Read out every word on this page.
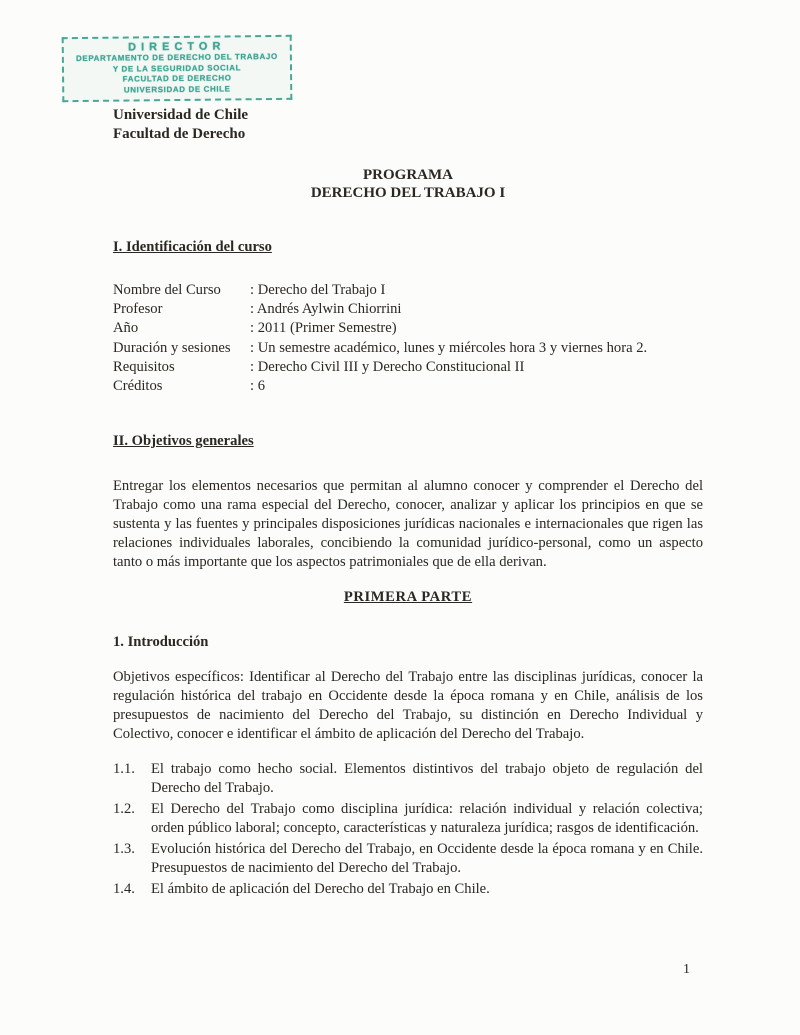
DIRECTOR
DEPARTAMENTO DE DERECHO DEL TRABAJO
Y DE LA SEGURIDAD SOCIAL
FACULTAD DE DERECHO
UNIVERSIDAD DE CHILE
Universidad de Chile
Facultad de Derecho
PROGRAMA
DERECHO DEL TRABAJO I
I. Identificación del curso
Nombre del Curso	: Derecho del Trabajo I
Profesor	: Andrés Aylwin Chiorrini
Año	: 2011 (Primer Semestre)
Duración y sesiones	: Un semestre académico, lunes y miércoles hora 3 y viernes hora 2.
Requisitos	: Derecho Civil III y Derecho Constitucional II
Créditos	: 6
II. Objetivos generales
Entregar los elementos necesarios que permitan al alumno conocer y comprender el Derecho del Trabajo como una rama especial del Derecho, conocer, analizar y aplicar los principios en que se sustenta y las fuentes y principales disposiciones jurídicas nacionales e internacionales que rigen las relaciones individuales laborales, concibiendo la comunidad jurídico-personal, como un aspecto tanto o más importante que los aspectos patrimoniales que de ella derivan.
PRIMERA PARTE
1. Introducción
Objetivos específicos: Identificar al Derecho del Trabajo entre las disciplinas jurídicas, conocer la regulación histórica del trabajo en Occidente desde la época romana y en Chile, análisis de los presupuestos de nacimiento del Derecho del Trabajo, su distinción en Derecho Individual y Colectivo, conocer e identificar el ámbito de aplicación del Derecho del Trabajo.
1.1.	El trabajo como hecho social. Elementos distintivos del trabajo objeto de regulación del Derecho del Trabajo.
1.2.	El Derecho del Trabajo como disciplina jurídica: relación individual y relación colectiva; orden público laboral; concepto, características y naturaleza jurídica; rasgos de identificación.
1.3.	Evolución histórica del Derecho del Trabajo, en Occidente desde la época romana y en Chile. Presupuestos de nacimiento del Derecho del Trabajo.
1.4.	El ámbito de aplicación del Derecho del Trabajo en Chile.
1
